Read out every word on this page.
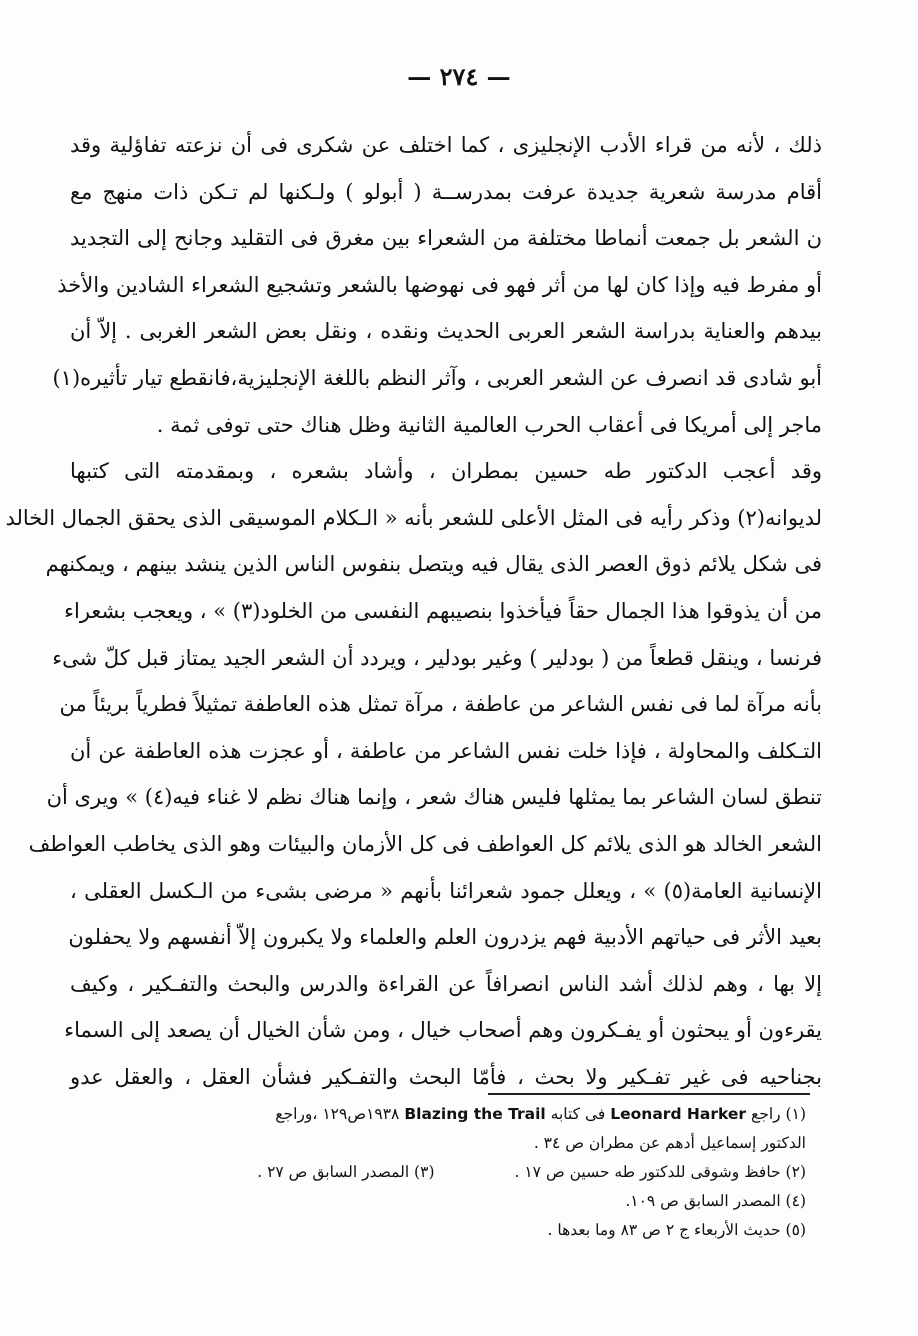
— ٢٧٤ —
ذلك ، لأنه من قراء الأدب الإنجليزى ، كما اختلف عن شكرى فى أن نزعته تفاؤلية وقد
أقام مدرسة شعرية جديدة عرفت بمدرســة ( أبولو ) ولـكنها لم تـكن ذات منهج مع
ن الشعر بل جمعت أنماطا مختلفة من الشعراء بين مغرق فى التقليد وجانح إلى التجديد
أو مفرط فيه وإذا كان لها من أثر فهو فى نهوضها بالشعر وتشجيع الشعراء الشادين والأخذ
بيدهم والعناية بدراسة الشعر العربى الحديث ونقده ، ونقل بعض الشعر الغربى . إلاّ أن
أبو شادى قد انصرف عن الشعر العربى ، وآثر النظم باللغة الإنجليزية،فانقطع تيار تأثيره(١)
ماجر إلى أمريكا فى أعقاب الحرب العالمية الثانية وظل هناك حتى توفى ثمة .
وقد أعجب الدكتور طه حسين بمطران ، وأشاد بشعره ، وبمقدمته التى كتبها
لديوانه(٢) وذكر رأيه فى المثل الأعلى للشعر بأنه « الـكلام الموسيقى الذى يحقق الجمال الخالد
فى شكل يلائم ذوق العصر الذى يقال فيه ويتصل بنفوس الناس الذين ينشد بينهم ، ويمكنهم
من أن يذوقوا هذا الجمال حقاً فيأخذوا بنصيبهم النفسى من الخلود(٣) » ، ويعجب بشعراء
فرنسا ، وينقل قطعاً من ( بودلير ) وغير بودلير ، ويردد أن الشعر الجيد يمتاز قبل كلّ شىء
بأنه مرآة لما فى نفس الشاعر من عاطفة ، مرآة تمثل هذه العاطفة تمثيلاً فطرياً بريئاً من
التـكلف والمحاولة ، فإذا خلت نفس الشاعر من عاطفة ، أو عجزت هذه العاطفة عن أن
تنطق لسان الشاعر بما يمثلها فليس هناك شعر ، وإنما هناك نظم لا غناء فيه(٤) » ويرى أن
الشعر الخالد هو الذى يلائم كل العواطف فى كل الأزمان والبيئات وهو الذى يخاطب العواطف
الإنسانية العامة(٥) » ، ويعلل جمود شعرائنا بأنهم « مرضى بشىء من الـكسل العقلى ،
بعيد الأثر فى حياتهم الأدبية فهم يزدرون العلم والعلماء ولا يكبرون إلاّ أنفسهم ولا يحفلون
إلا بها ، وهم لذلك أشد الناس انصرافاً عن القراءة والدرس والبحث والتفـكير ، وكيف
يقرءون أو يبحثون أو يفـكرون وهم أصحاب خيال ، ومن شأن الخيال أن يصعد إلى السماء
بجناحيه فى غير تفـكير ولا بحث ، فأمّا البحث والتفـكير فشأن العقل ، والعقل عدو
(١) راجع Leonard Harker فى كتابه Blazing the Trail ١٩٣٨ص١٢٩ ،وراجع
الدكتور إسماعيل أدهم عن مطران ص ٣٤ .
(٢) حافظ وشوقى للدكتور طه حسين ص ١٧ .
(٣) المصدر السابق ص ٢٧ .
(٤) المصدر السابق ص ١٠٩.
(٥) حديث الأربعاء ج ٢ ص ٨٣ وما بعدها .
